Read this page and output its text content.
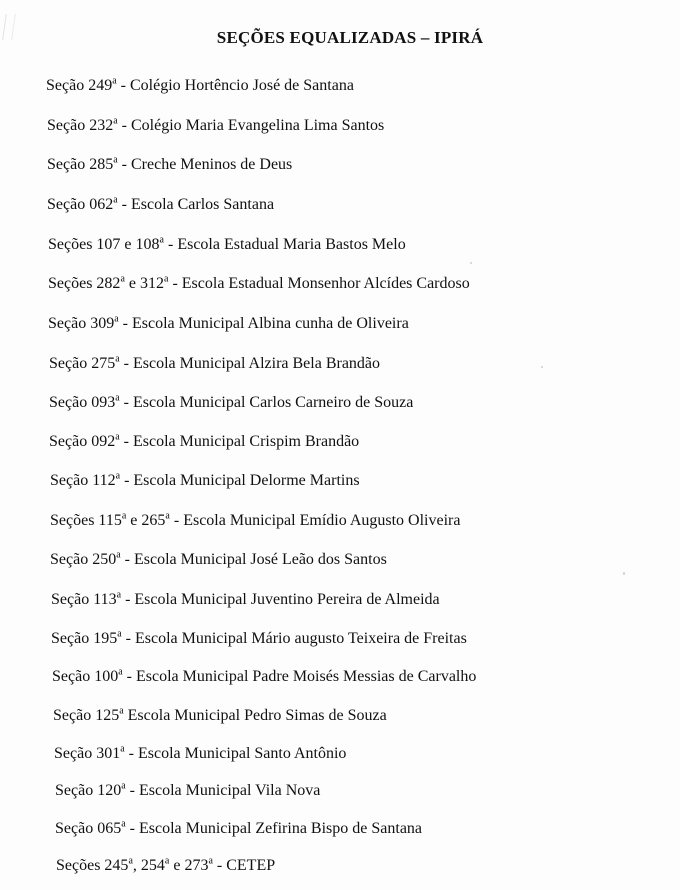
SEÇÕES EQUALIZADAS – IPIRÁ
Seção 249$^a$ - Colégio Hortêncio José de Santana
Seção 232$^a$ - Colégio Maria Evangelina Lima Santos
Seção 285$^a$ - Creche Meninos de Deus
Seção 062$^a$ - Escola Carlos Santana
Seções 107 e 108$^a$ - Escola Estadual Maria Bastos Melo
Seções 282$^a$ e 312$^a$ - Escola Estadual Monsenhor Alcídes Cardoso
Seção 309$^a$ - Escola Municipal Albina cunha de Oliveira
Seção 275$^a$ - Escola Municipal Alzira Bela Brandão
Seção 093$^a$ - Escola Municipal Carlos Carneiro de Souza
Seção 092$^a$ - Escola Municipal Crispim Brandão
Seção 112$^a$ - Escola Municipal Delorme Martins
Seções 115$^a$ e 265$^a$ - Escola Municipal Emídio Augusto Oliveira
Seção 250$^a$ - Escola Municipal José Leão dos Santos
Seção 113$^a$ - Escola Municipal Juventino Pereira de Almeida
Seção 195$^a$ - Escola Municipal Mário augusto Teixeira de Freitas
Seção 100$^a$ - Escola Municipal Padre Moisés Messias de Carvalho
Seção 125$^a$ Escola Municipal Pedro Simas de Souza
Seção 301$^a$ - Escola Municipal Santo Antônio
Seção 120$^a$ - Escola Municipal Vila Nova
Seção 065$^a$ - Escola Municipal Zefirina Bispo de Santana
Seções 245$^a$, 254$^a$ e 273$^a$ - CETEP
